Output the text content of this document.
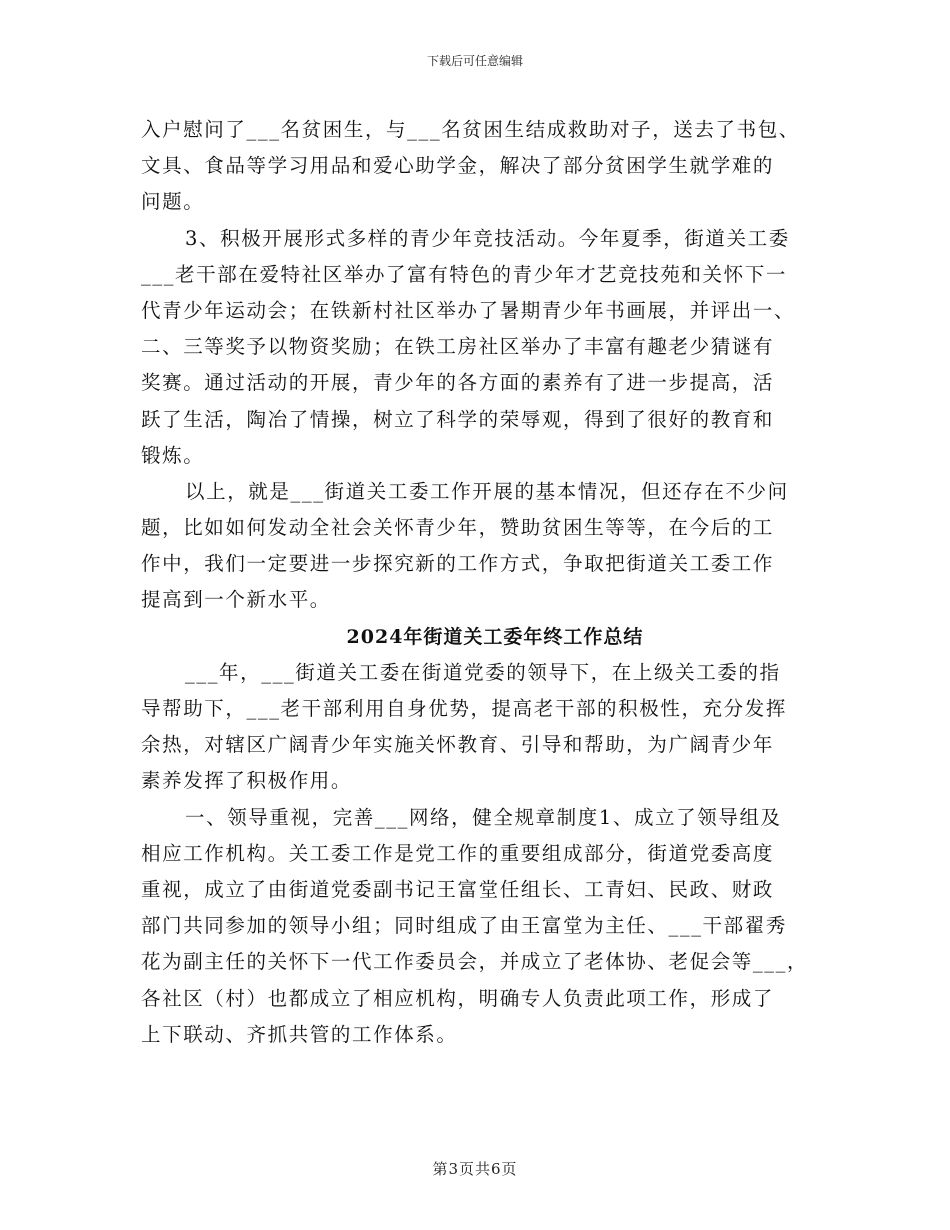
下载后可任意编辑
入户慰问了___名贫困生，与___名贫困生结成救助对子，送去了书包、
文具、食品等学习用品和爱心助学金，解决了部分贫困学生就学难的
问题。
3、积极开展形式多样的青少年竞技活动。今年夏季，街道关工委
___老干部在爱特社区举办了富有特色的青少年才艺竞技苑和关怀下一
代青少年运动会；在铁新村社区举办了暑期青少年书画展，并评出一、
二、三等奖予以物资奖励；在铁工房社区举办了丰富有趣老少猜谜有
奖赛。通过活动的开展，青少年的各方面的素养有了进一步提高，活
跃了生活，陶冶了情操，树立了科学的荣辱观，得到了很好的教育和
锻炼。
以上，就是___街道关工委工作开展的基本情况，但还存在不少问
题，比如如何发动全社会关怀青少年，赞助贫困生等等，在今后的工
作中，我们一定要进一步探究新的工作方式，争取把街道关工委工作
提高到一个新水平。
2024年街道关工委年终工作总结
___年，___街道关工委在街道党委的领导下，在上级关工委的指
导帮助下，___老干部利用自身优势，提高老干部的积极性，充分发挥
余热，对辖区广阔青少年实施关怀教育、引导和帮助，为广阔青少年
素养发挥了积极作用。
一、领导重视，完善___网络，健全规章制度1、成立了领导组及
相应工作机构。关工委工作是党工作的重要组成部分，街道党委高度
重视，成立了由街道党委副书记王富堂任组长、工青妇、民政、财政
部门共同参加的领导小组；同时组成了由王富堂为主任、___干部翟秀
花为副主任的关怀下一代工作委员会，并成立了老体协、老促会等___，
各社区（村）也都成立了相应机构，明确专人负责此项工作，形成了
上下联动、齐抓共管的工作体系。
第3页共6页
